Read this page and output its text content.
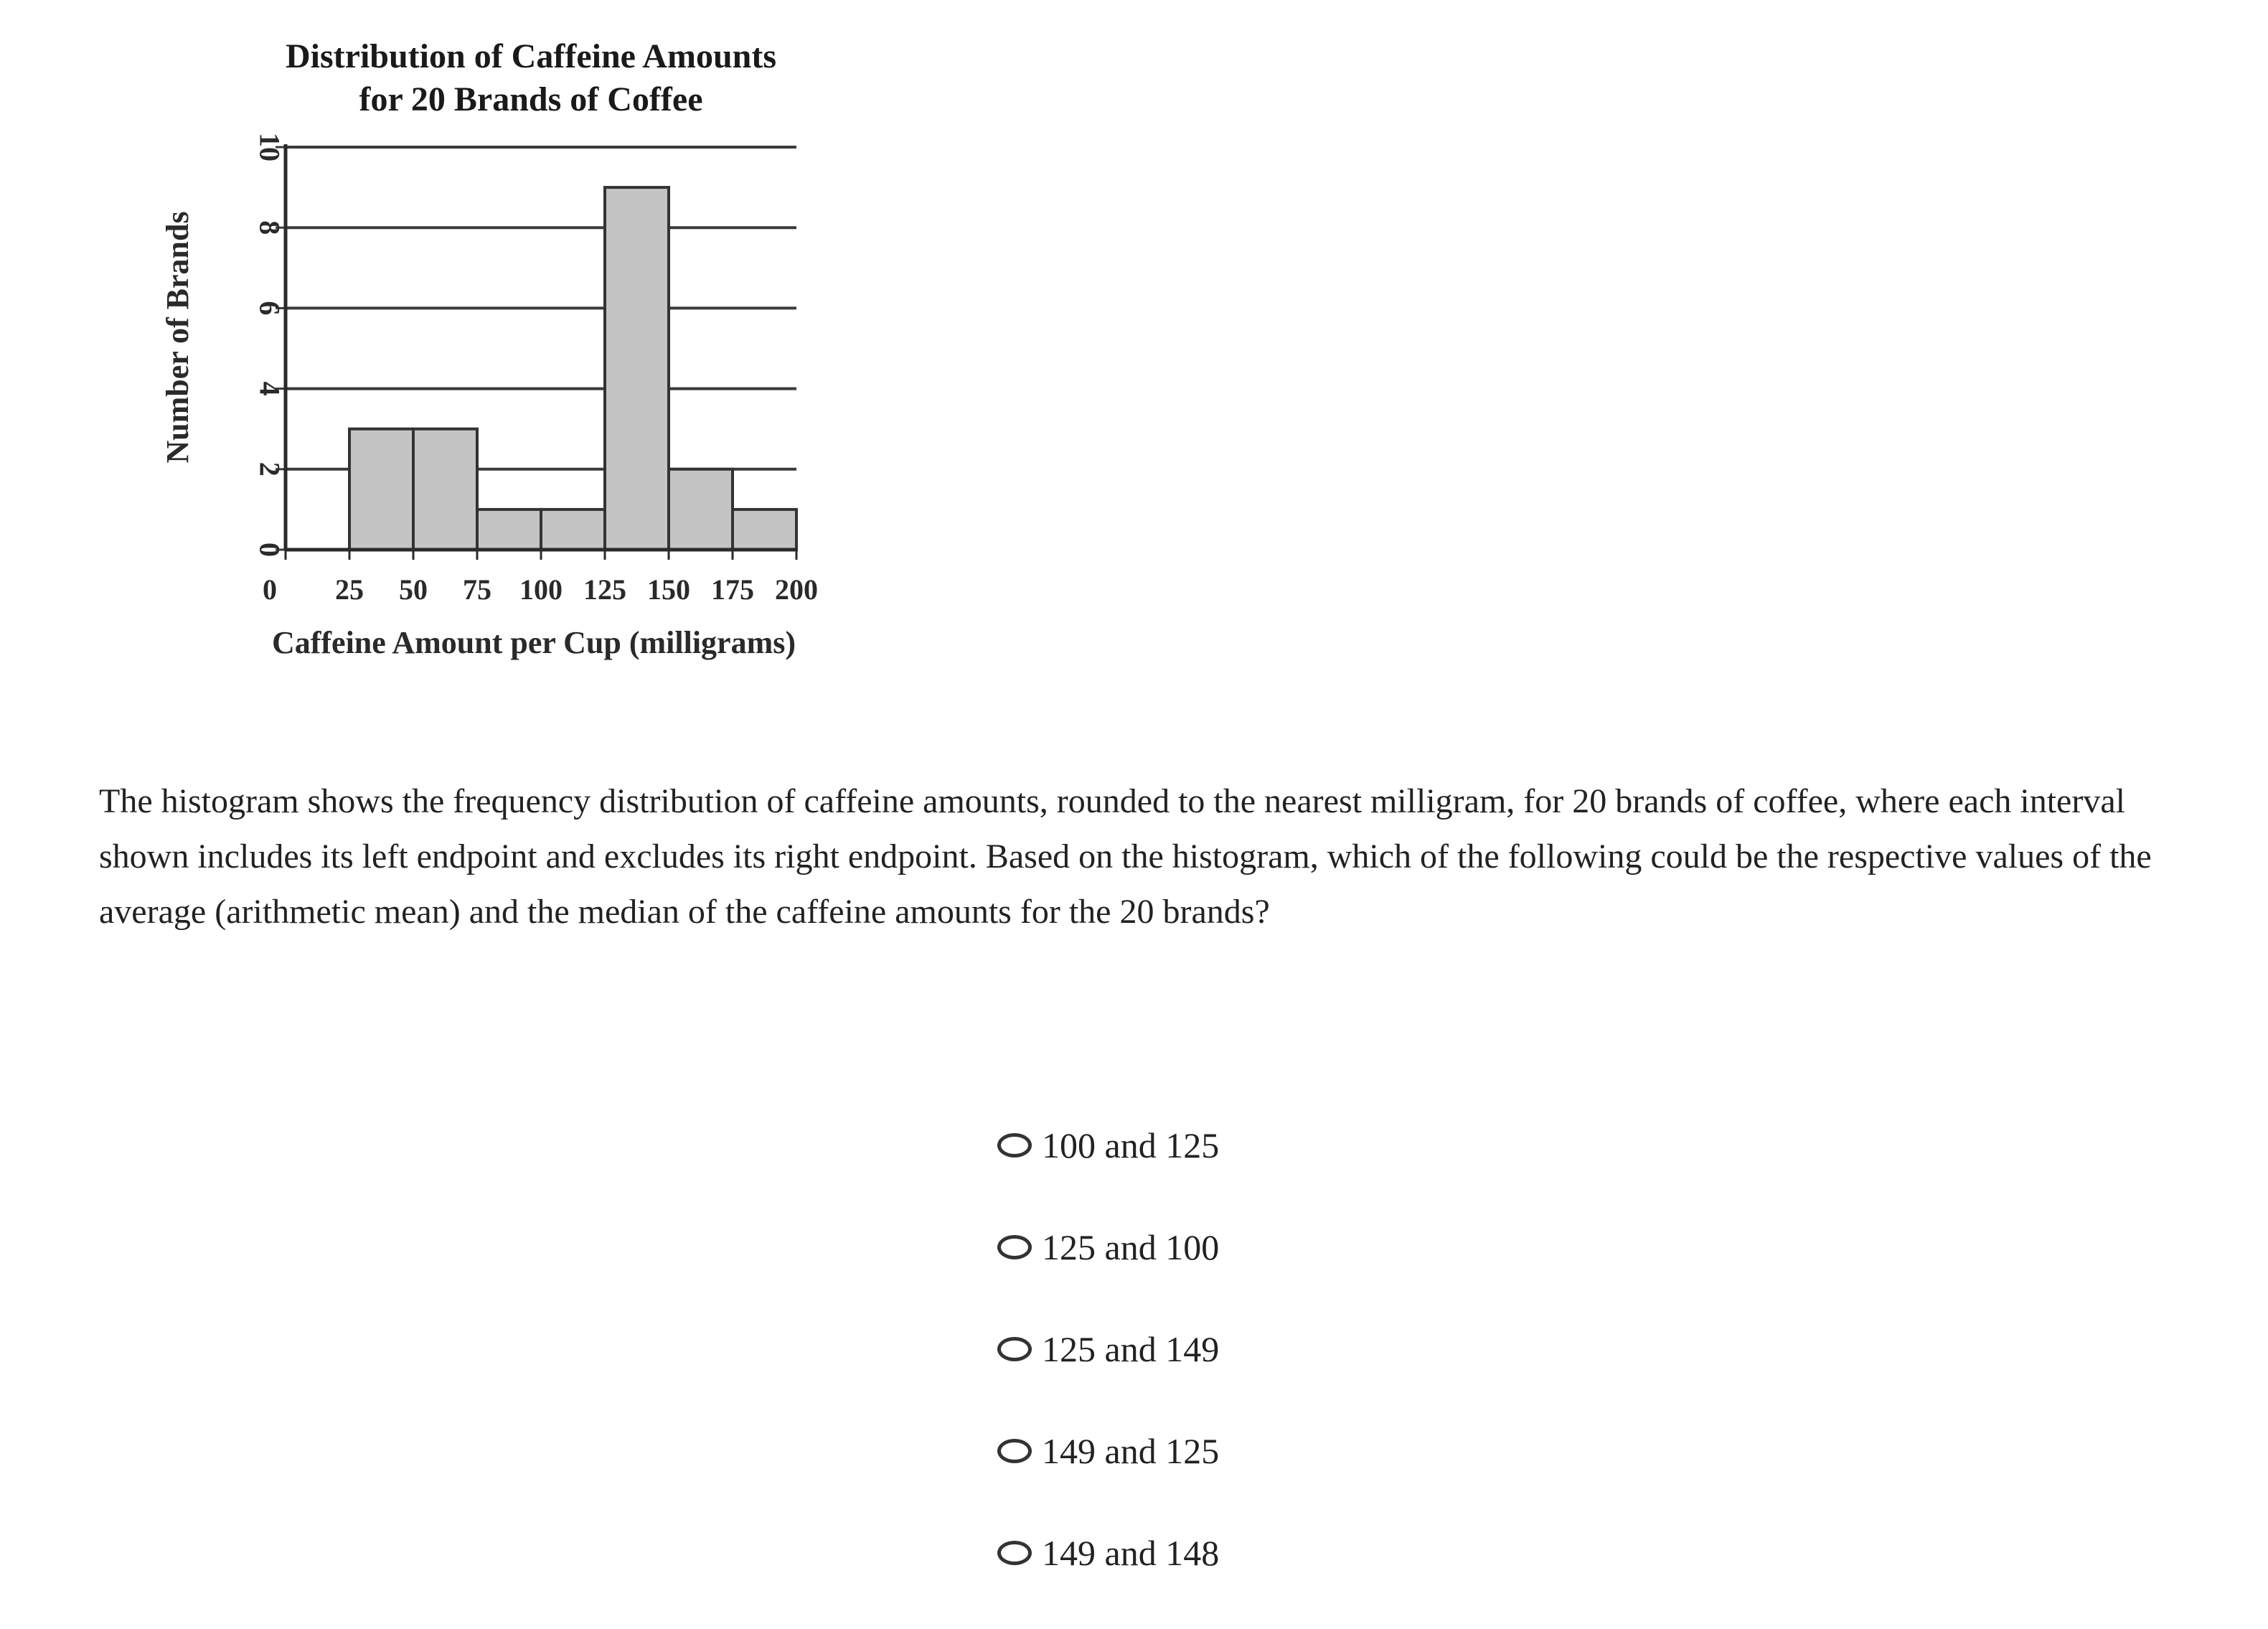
Distribution of Caffeine Amounts
for 20 Brands of Coffee
0
2
4
6
8
10
0 25 50 75 100 125 150 175 200
Caffeine Amount per Cup (milligrams)
Number of Brands

The histogram shows the frequency distribution of caffeine amounts, rounded to the nearest milligram, for 20 brands of coffee, where each interval shown includes its left endpoint and excludes its right endpoint. Based on the histogram, which of the following could be the respective values of the average (arithmetic mean) and the median of the caffeine amounts for the 20 brands?

100 and 125
125 and 100
125 and 149
149 and 125
149 and 148
